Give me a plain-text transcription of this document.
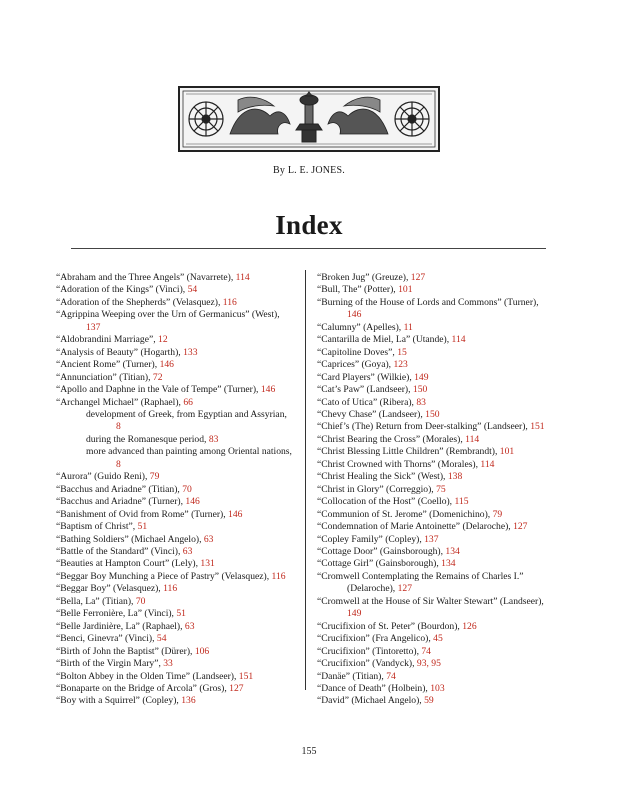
By L. E. JONES.
Index
“Abraham and the Three Angels” (Navarrete), 114
“Adoration of the Kings” (Vinci), 54
“Adoration of the Shepherds” (Velasquez), 116
“Agrippina Weeping over the Urn of Germanicus” (West), 137
“Aldobrandini Marriage”, 12
“Analysis of Beauty” (Hogarth), 133
“Ancient Rome” (Turner), 146
“Annunciation” (Titian), 72
“Apollo and Daphne in the Vale of Tempe” (Turner), 146
“Archangel Michael” (Raphael), 66
development of Greek, from Egyptian and Assyrian, 8
during the Romanesque period, 83
more advanced than painting among Oriental nations, 8
“Aurora” (Guido Reni), 79
“Bacchus and Ariadne” (Titian), 70
“Bacchus and Ariadne” (Turner), 146
“Banishment of Ovid from Rome” (Turner), 146
“Baptism of Christ”, 51
“Bathing Soldiers” (Michael Angelo), 63
“Battle of the Standard” (Vinci), 63
“Beauties at Hampton Court” (Lely), 131
“Beggar Boy Munching a Piece of Pastry” (Velasquez), 116
“Beggar Boy” (Velasquez), 116
“Bella, La” (Titian), 70
“Belle Ferronière, La” (Vinci), 51
“Belle Jardinière, La” (Raphael), 63
“Benci, Ginevra” (Vinci), 54
“Birth of John the Baptist” (Dürer), 106
“Birth of the Virgin Mary”, 33
“Bolton Abbey in the Olden Time” (Landseer), 151
“Bonaparte on the Bridge of Arcola” (Gros), 127
“Boy with a Squirrel” (Copley), 136
“Broken Jug” (Greuze), 127
“Bull, The” (Potter), 101
“Burning of the House of Lords and Commons” (Turner), 146
“Calumny” (Apelles), 11
“Cantarilla de Miel, La” (Utande), 114
“Capitoline Doves”, 15
“Caprices” (Goya), 123
“Card Players” (Wilkie), 149
“Cat’s Paw” (Landseer), 150
“Cato of Utica” (Ribera), 83
“Chevy Chase” (Landseer), 150
“Chief’s (The) Return from Deer-stalking” (Landseer), 151
“Christ Bearing the Cross” (Morales), 114
“Christ Blessing Little Children” (Rembrandt), 101
“Christ Crowned with Thorns” (Morales), 114
“Christ Healing the Sick” (West), 138
“Christ in Glory” (Correggio), 75
“Collocation of the Host” (Coello), 115
“Communion of St. Jerome” (Domenichino), 79
“Condemnation of Marie Antoinette” (Delaroche), 127
“Copley Family” (Copley), 137
“Cottage Door” (Gainsborough), 134
“Cottage Girl” (Gainsborough), 134
“Cromwell Contemplating the Remains of Charles I.” (Delaroche), 127
“Cromwell at the House of Sir Walter Stewart” (Landseer), 149
“Crucifixion of St. Peter” (Bourdon), 126
“Crucifixion” (Fra Angelico), 45
“Crucifixion” (Tintoretto), 74
“Crucifixion” (Vandyck), 93, 95
“Danäe” (Titian), 74
“Dance of Death” (Holbein), 103
“David” (Michael Angelo), 59
155
